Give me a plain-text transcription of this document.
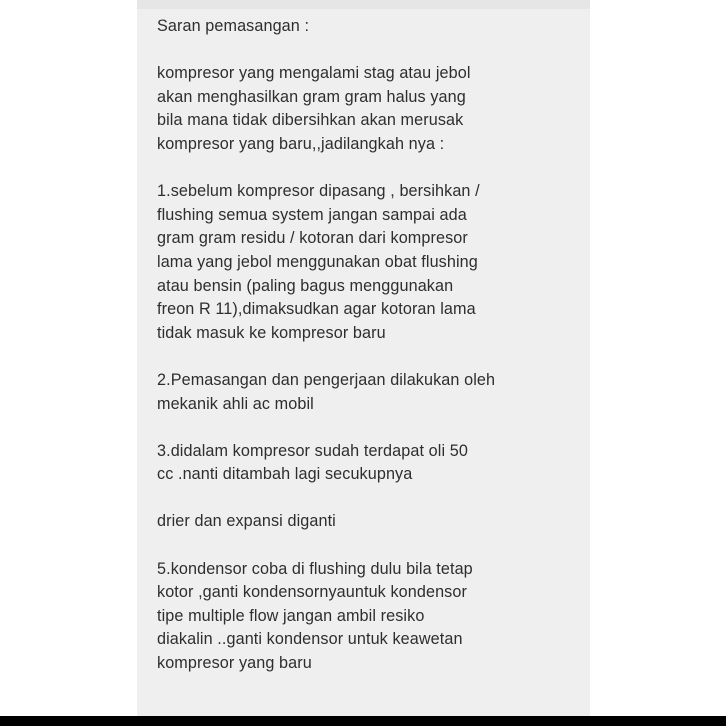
Saran pemasangan :
kompresor yang mengalami stag atau jebol
akan menghasilkan gram gram halus yang
bila mana tidak dibersihkan akan merusak
kompresor yang baru,,jadilangkah nya :
1.sebelum kompresor dipasang , bersihkan /
flushing semua system jangan sampai ada
gram gram residu / kotoran dari kompresor
lama yang jebol menggunakan obat flushing
atau bensin (paling bagus menggunakan
freon R 11),dimaksudkan agar kotoran lama
tidak masuk ke kompresor baru
2.Pemasangan dan pengerjaan dilakukan oleh
mekanik ahli ac mobil
3.didalam kompresor sudah terdapat oli 50
cc .nanti ditambah lagi secukupnya
drier dan expansi diganti
5.kondensor coba di flushing dulu bila tetap
kotor ,ganti kondensornyauntuk kondensor
tipe multiple flow jangan ambil resiko
diakalin ..ganti kondensor untuk keawetan
kompresor yang baru
